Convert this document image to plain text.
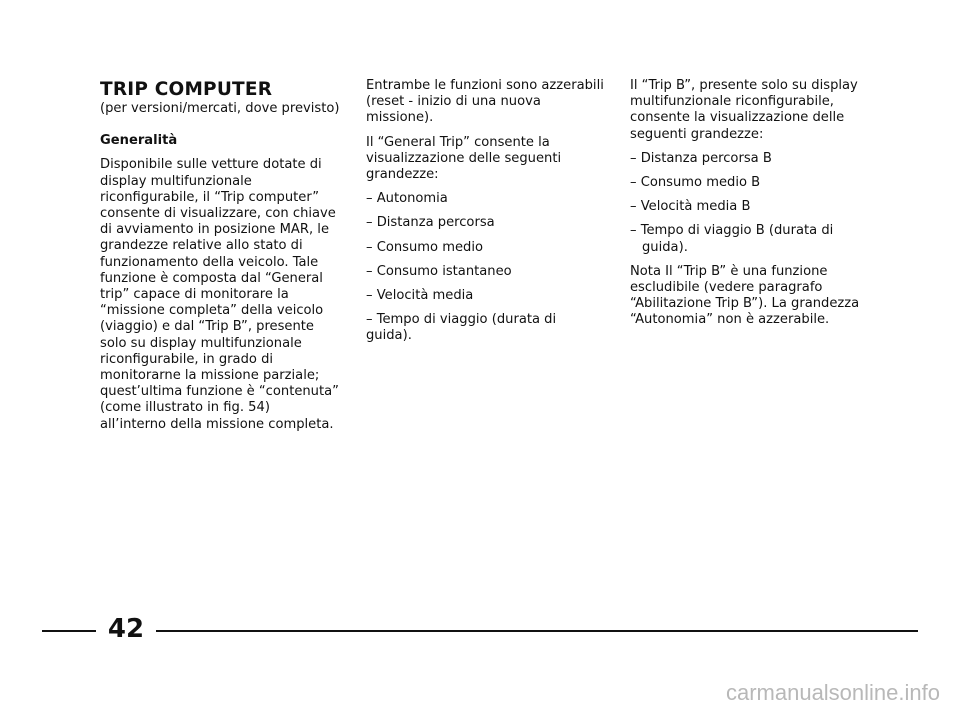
TRIP COMPUTER
(per versioni/mercati, dove previsto)
Generalità
Disponibile sulle vetture dotate di display multifunzionale riconfigurabile, il “Trip computer” consente di visualizzare, con chiave di avviamento in posizione MAR, le grandezze relative allo stato di funzionamento della veicolo. Tale funzione è composta dal “General trip” capace di monitorare la “missione completa” della veicolo (viaggio) e dal “Trip B”, presente solo su display multifunzionale riconfigurabile, in grado di monitorarne la missione parziale; quest’ultima funzione è “contenuta” (come illustrato in fig. 54) all’interno della missione completa.
Entrambe le funzioni sono azzerabili (reset - inizio di una nuova missione).
Il “General Trip” consente la visualizzazione delle seguenti grandezze:
– Autonomia
– Distanza percorsa
– Consumo medio
– Consumo istantaneo
– Velocità media
– Tempo di viaggio (durata di guida).
Il “Trip B”, presente solo su display multifunzionale riconfigurabile, consente la visualizzazione delle seguenti grandezze:
– Distanza percorsa B
– Consumo medio B
– Velocità media B
– Tempo di viaggio B (durata di guida).
Nota Il “Trip B” è una funzione escludibile (vedere paragrafo “Abilitazione Trip B”). La grandezza “Autonomia” non è azzerabile.
42
carmanualsonline.info
